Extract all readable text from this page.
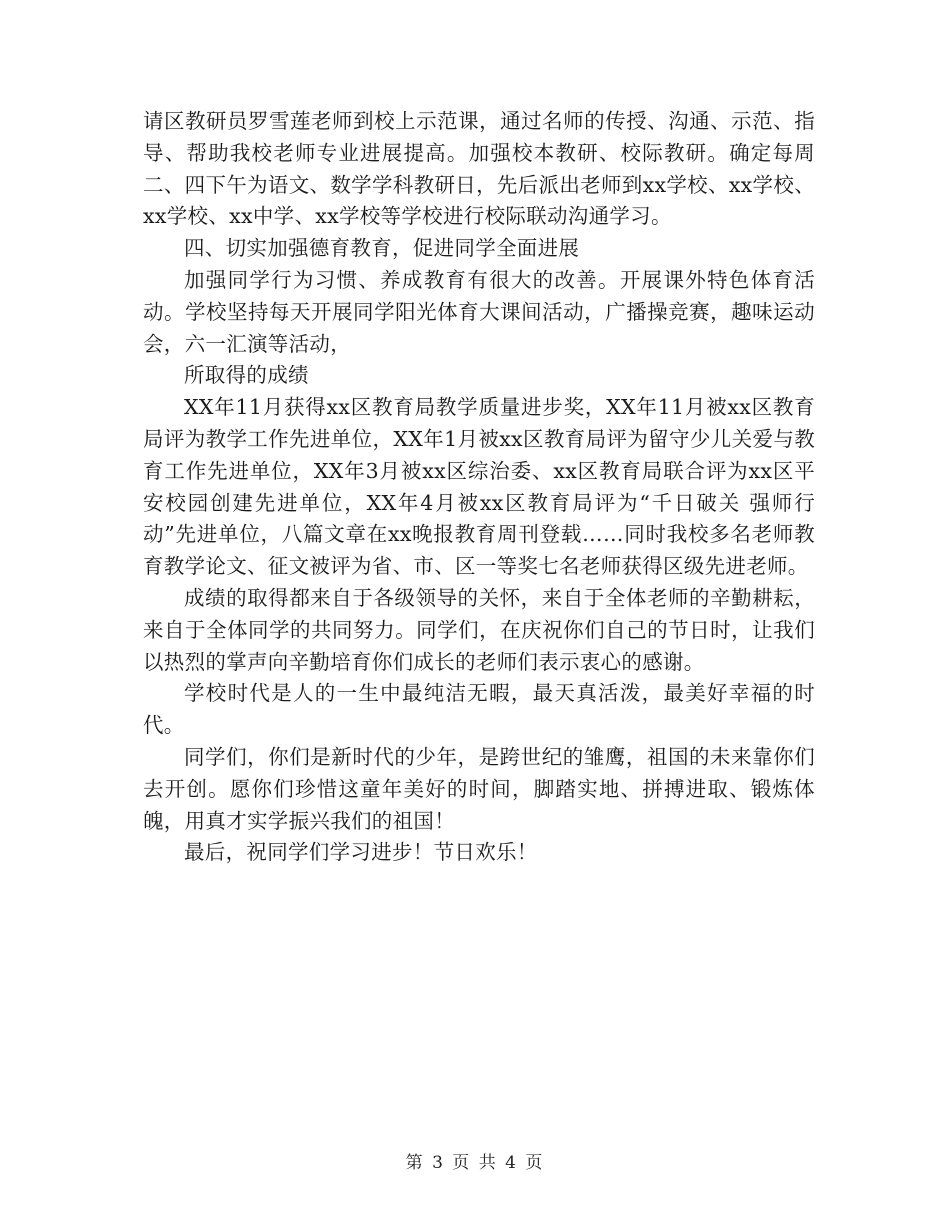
请区教研员罗雪莲老师到校上示范课，通过名师的传授、沟通、示范、指导、帮助我校老师专业进展提高。加强校本教研、校际教研。确定每周二、四下午为语文、数学学科教研日，先后派出老师到xx学校、xx学校、xx学校、xx中学、xx学校等学校进行校际联动沟通学习。

四、切实加强德育教育，促进同学全面进展

加强同学行为习惯、养成教育有很大的改善。开展课外特色体育活动。学校坚持每天开展同学阳光体育大课间活动，广播操竞赛，趣味运动会，六一汇演等活动，

所取得的成绩

XX年11月获得xx区教育局教学质量进步奖，XX年11月被xx区教育局评为教学工作先进单位，XX年1月被xx区教育局评为留守少儿关爱与教育工作先进单位，XX年3月被xx区综治委、xx区教育局联合评为xx区平安校园创建先进单位，XX年4月被xx区教育局评为“千日破关 强师行动”先进单位，八篇文章在xx晚报教育周刊登载……同时我校多名老师教育教学论文、征文被评为省、市、区一等奖七名老师获得区级先进老师。

成绩的取得都来自于各级领导的关怀，来自于全体老师的辛勤耕耘，来自于全体同学的共同努力。同学们，在庆祝你们自己的节日时，让我们以热烈的掌声向辛勤培育你们成长的老师们表示衷心的感谢。

学校时代是人的一生中最纯洁无暇，最天真活泼，最美好幸福的时代。

同学们，你们是新时代的少年，是跨世纪的雏鹰，祖国的未来靠你们去开创。愿你们珍惜这童年美好的时间，脚踏实地、拼搏进取、锻炼体魄，用真才实学振兴我们的祖国！

最后，祝同学们学习进步！节日欢乐！

第 3 页 共 4 页
